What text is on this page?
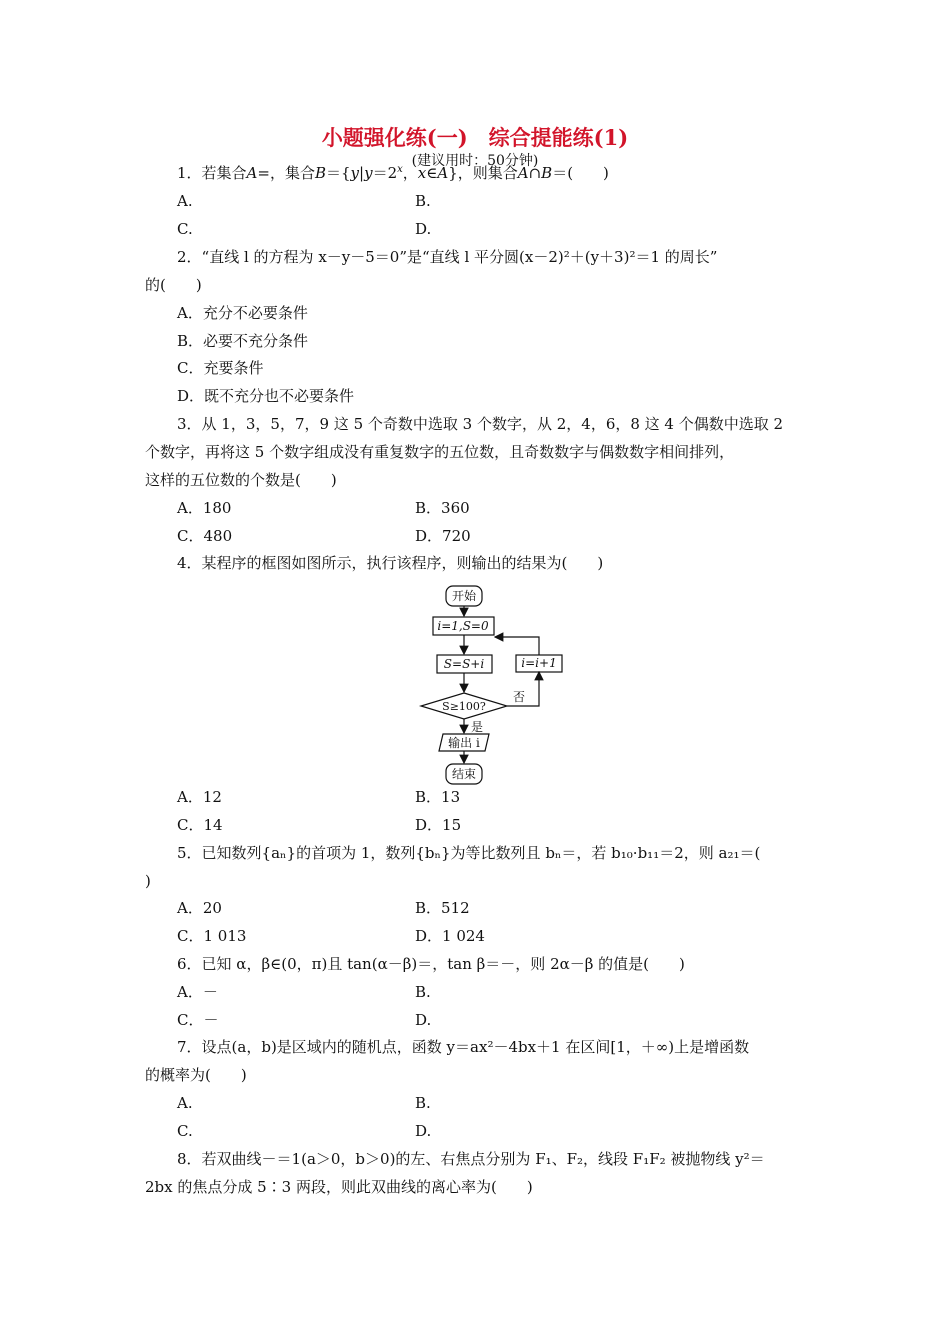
小题强化练(一)　综合提能练(1)
(建议用时：50分钟)
1．若集合A=，集合$B=\{y|y=2^x$，x∈A}，则集合A∩B＝(　　)
A.	B.
C.	D.
2．“直线 l 的方程为 x－y－5＝0”是“直线 l 平分圆(x－2)²＋(y＋3)²＝1 的周长”
的(　　)
A．充分不必要条件
B．必要不充分条件
C．充要条件
D．既不充分也不必要条件
3．从 1，3，5，7，9 这 5 个奇数中选取 3 个数字，从 2，4，6，8 这 4 个偶数中选取 2
个数字，再将这 5 个数字组成没有重复数字的五位数，且奇数数字与偶数数字相间排列，
这样的五位数的个数是(　　)
A．180	B．360
C．480	D．720
4．某程序的框图如图所示，执行该程序，则输出的结果为(　　)
开始
i=1,S=0
S=S+i	i=i+1
S≥100?
否
是
输出 i
结束
A．12	B．13
C．14	D．15
5．已知数列{aₙ}的首项为 1，数列{bₙ}为等比数列且 bₙ＝，若 b₁₀·b₁₁＝2，则 a₂₁＝(
)
A．20	B．512
C．1 013	D．1 024
6．已知 α，β∈(0，π)且 tan(α－β)＝，tan β＝－，则 2α－β 的值是(　　)
A．－	B.
C．－	D.
7．设点(a，b)是区域内的随机点，函数 y＝ax²－4bx＋1 在区间[1，＋∞)上是增函数
的概率为(　　)
A.	B.
C.	D.
8．若双曲线－＝1(a＞0，b＞0)的左、右焦点分别为 F₁、F₂，线段 F₁F₂ 被抛物线 y²＝
2bx 的焦点分成 5∶3 两段，则此双曲线的离心率为(　　)
